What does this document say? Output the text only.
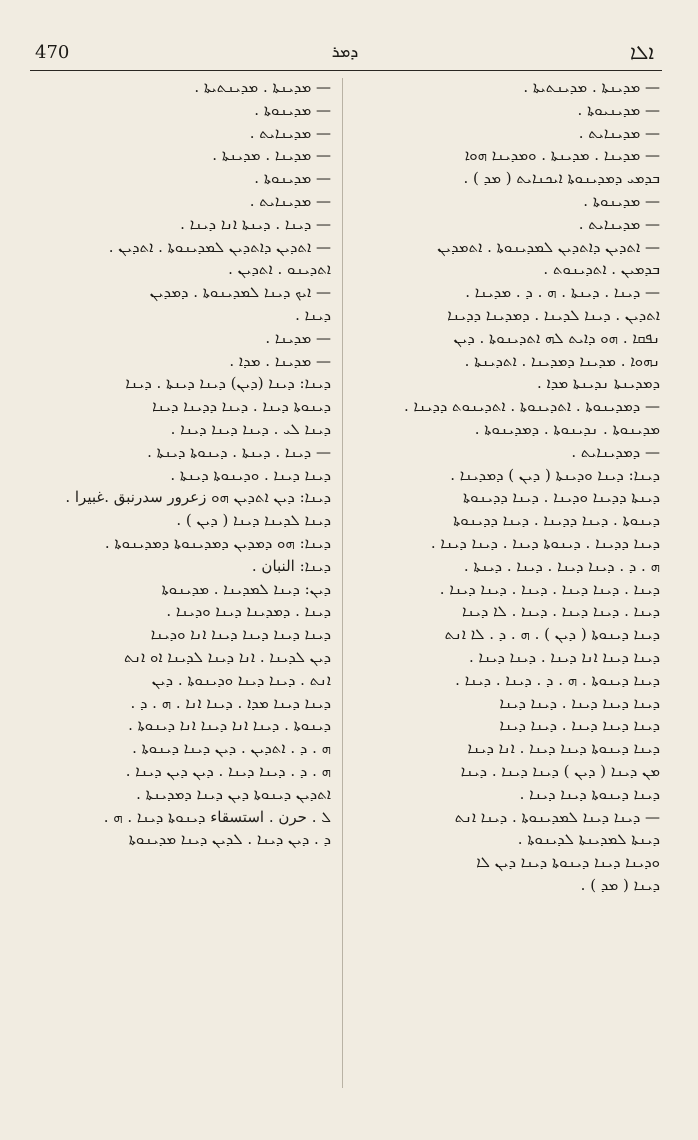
470	ܕܡܪ	ܐܠܐ
— ܡܕܝܢܬܐ . ܡܕܝܢܬܝܬܐ .
— ܡܕܝܢܝܘܬܐ .
— ܡܕܝܢܐܝܬ .
— ܡܕܝܢܐ . ܡܕܝܢܬܐ . ܘܡܕܝܢܐ ܗܘܐ
ܒܕܡܝ ܕܡܕܝܢܘܬܐ ܐܝܟܢܐܝܬ ( ܡܕ ) .
— ܡܕܝܢܘܬܐ .
— ܡܕܝܢܐܝܬ .
— ܐܬܕܝܢ ܕܐܬܕܝܢ ܠܡܕܝܢܘܬܐ . ܐܬܡܕܝܢ
ܒܕܡܝܢ . ܐܬܕܝܢܘܬ .
— ܕܝܢܐ . ܕܝܢܬܐ . ܗ . ܕ . ܡܕܝܢܐ .
ܐܬܕܝܢ . ܕܝܢܐ ܠܕܝܢܐ . ܕܡܕܝܢܐ ܕܕܝܢܐ
ܢܦܩܐ . ܗܘ ܕܐܝܬ ܠܗ ܐܬܕܝܢܘܬܐ . ܕܝܢ
ܢܗܘܐ . ܡܕܝܢܐ ܕܡܕܝܢܐ . ܐܬܕܝܢܬܐ .
ܕܡܕܝܢܬܐ ܢܕܝܢܬܐ ܡܕܐ .
— ܕܡܕܝܢܘܬܐ . ܐܬܕܝܢܘܬܐ . ܐܬܕܝܢܘܬ ܕܕܝܢܐ .
ܡܕܝܢܘܬܐ . ܢܕܝܢܘܬܐ . ܕܡܕܝܢܘܬܐ .
— ܕܡܕܝܢܐܝܬ .
ܕܝܢܐ: ܕܝܢܐ ܘܕܝܢܬܐ ( ܕܝܢ ) ܕܡܕܝܢܐ .
ܕܝܢܬܐ ܕܕܝܢܐ ܘܕܝܢܐ . ܕܝܢܐ ܕܕܝܢܘܬܐ
ܕܝܢܘܬܐ . ܕܝܢܐ ܕܕܝܢܐ . ܕܝܢܐ ܕܕܝܢܘܬܐ
ܕܝܢܐ ܕܕܝܢܐ . ܕܝܢܘܬܐ ܕܝܢܐ . ܕܝܢܐ ܕܝܢܐ .
ܗ . ܕ . ܕܝܢܐ ܕܝܢܐ . ܕܝܢܐ . ܕܝܢܬܐ .
ܕܝܢܐ . ܕܝܢܐ ܕܝܢܐ . ܕܝܢܐ . ܕܝܢܐ ܕܝܢܐ .
ܕܝܢܐ . ܕܝܢܐ ܕܝܢܐ . ܕܝܢܐ . ܠܐ ܕܝܢܐ
ܕܝܢܐ ܕܝܢܘܬܐ ( ܕܝܢ ) . ܗ . ܕ . ܠܐ ܐܢܬ
ܕܝܢܐ ܕܝܢܐ ܐܢܐ ܕܝܢܐ . ܕܝܢܐ ܕܝܢܐ .
ܕܝܢܐ ܕܝܢܘܬܐ . ܗ . ܕ . ܕܝܢܐ . ܕܝܢܐ .
ܕܝܢܐ ܕܝܢܐ ܕܝܢܐ . ܕܝܢܐ ܕܝܢܐ
ܕܝܢܐ ܕܝܢܐ ܕܝܢܐ . ܕܝܢܐ ܕܝܢܐ
ܕܝܢܐ ܕܝܢܘܬܐ ܕܝܢܐ ܕܝܢܐ . ܐܢܐ ܕܝܢܐ
ܡܢ ܕܝܢܐ ( ܕܝܢ ) ܕܝܢܐ ܕܝܢܐ . ܕܝܢܐ
ܕܝܢܐ ܕܝܢܘܬܐ ܕܝܢܐ ܕܝܢܐ .
— ܕܝܢܐ ܕܝܢܐ ܠܡܕܝܢܘܬܐ . ܕܝܢܐ ܐܢܬ
ܕܝܢܬܐ ܠܡܕܝܢܬܐ ܠܕܝܢܘܬܐ .
ܘܕܝܢܐ ܕܝܢܐ ܕܝܢܘܬܐ ܕܝܢܐ ܕܝܢ ܠܐ
ܕܝܢܐ ( ܡܕ ) .
— ܡܕܝܢܬܐ . ܡܕܝܢܬܝܬܐ .
— ܡܕܝܢܘܬܐ .
— ܡܕܝܢܐܝܬ .
— ܡܕܝܢܐ . ܡܕܝܢܬܐ .
— ܡܕܝܢܘܬܐ .
— ܡܕܝܢܐܝܬ .
— ܕܝܢܐ . ܕܝܢܬܐ ܐܢܐ ܕܝܢܐ .
— ܐܬܕܝܢ ܕܐܬܕܝܢ ܠܡܕܝܢܘܬܐ . ܐܬܕܝܢ .
ܐܬܕܝܢܘ . ܐܬܕܝܢ .
— ܐܝܟ ܕܝܢܐ ܠܡܕܝܢܘܬܐ . ܕܡܕܝܢ
ܕܝܢܐ .
— ܡܕܝܢܐ .
— ܡܕܝܢܐ . ܡܕܐ .
ܕܝܢܐ: ܕܝܢܐ (ܕܝܢ) ܕܝܢܐ ܕܝܢܬܐ . ܕܝܢܐ
ܕܝܢܘܬܐ ܕܝܢܐ . ܕܝܢܐ ܕܕܝܢܐ ܕܝܢܐ
ܕܝܢܐ ܠܝ . ܕܝܢܐ ܕܝܢܐ ܕܝܢܐ .
— ܕܝܢܐ . ܕܝܢܬܐ . ܕܝܢܘܬܐ ܕܝܢܬܐ .
ܕܝܢܐ ܕܝܢܐ . ܘܕܝܢܘܬܐ ܕܝܢܬܐ .
ܕܝܢܐ: ܕܝܢ ܐܬܕܝܢ ܗܘ زعرور سدرنبق .غبيرا .
ܕܝܢܐ ܠܕܝܢܐ ܕܝܢܐ ( ܕܝܢ ) .
ܕܝܢܐ: ܗܘ ܕܡܕܝܢ ܕܡܕܝܢܘܬܐ ܕܡܕܝܢܘܬܐ .
ܕܝܢܐ: النبان .
ܕܝܢ: ܕܝܢܐ ܠܡܕܝܢܐ . ܡܕܝܢܘܬܐ
ܕܝܢܐ . ܕܡܕܝܢܐ ܕܝܢܐ ܘܕܝܢܐ .
ܕܝܢܐ ܕܝܢܐ ܕܝܢܐ ܕܝܢܐ ܐܢܐ ܘܕܝܢܐ
ܕܝܢ ܠܕܝܢܐ . ܐܢܐ ܕܝܢܐ ܠܕܝܢܐ ܐܘ ܐܢܬ
ܐܢܬ . ܕܝܢܐ ܕܝܢܐ ܘܕܝܢܘܬܐ . ܕܝܢ
ܕܝܢܐ ܕܝܢܐ ܡܕܐ . ܕܝܢܐ ܐܢܐ . ܗ . ܕ .
ܕܝܢܘܬܐ . ܕܝܢܐ ܐܢܐ ܕܝܢܐ ܐܢܐ ܕܝܢܘܬܐ .
ܗ . ܕ . ܐܬܕܝܢ . ܕܝܢ ܕܝܢܐ ܕܝܢܘܬܐ .
ܗ . ܕ . ܕܝܢܐ ܕܝܢܐ . ܕܝܢ ܕܝܢ ܕܝܢܐ .
ܐܬܕܝܢ ܕܝܢܘܬܐ ܕܝܢ ܕܝܢܐ ܕܡܕܝܢܬܐ .
ܠ . حرن . استسقاء ܕܝܢܘܬܐ ܕܝܢܐ . ܗ .
ܕ . ܕܝܢ ܕܝܢܐ . ܠܕܝܢ ܕܝܢܐ ܡܕܝܢܘܬܐ
